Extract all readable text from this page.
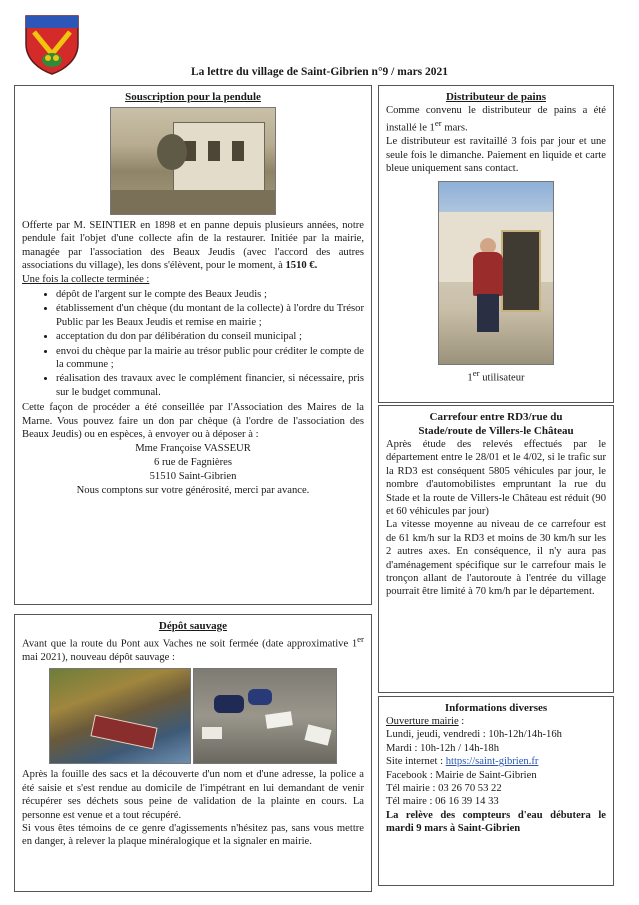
La lettre du village de Saint-Gibrien n°9 / mars 2021
Souscription pour la pendule

Offerte par M. SEINTIER en 1898 et en panne depuis plusieurs années, notre pendule fait l'objet d'une collecte afin de la restaurer. Initiée par la mairie, managée par l'association des Beaux Jeudis (avec l'accord des autres associations du village), les dons s'élèvent, pour le moment, à 1510 €.

Une fois la collecte terminée :

• dépôt de l'argent sur le compte des Beaux Jeudis ;
• établissement d'un chèque (du montant de la collecte) à l'ordre du Trésor Public par les Beaux Jeudis et remise en mairie ;
• acceptation du don par délibération du conseil municipal ;
• envoi du chèque par la mairie au trésor public pour créditer le compte de la commune ;
• réalisation des travaux avec le complément financier, si nécessaire, pris sur le budget communal.

Cette façon de procéder a été conseillée par l'Association des Maires de la Marne. Vous pouvez faire un don par chèque (à l'ordre de l'association des Beaux Jeudis) ou en espèces, à envoyer ou à déposer à :

Mme Françoise VASSEUR
6 rue de Fagnières
51510 Saint-Gibrien
Nous comptons sur votre générosité, merci par avance.
Distributeur de pains

Comme convenu le distributeur de pains a été installé le 1er mars.

Le distributeur est ravitaillé 3 fois par jour et une seule fois le dimanche. Paiement en liquide et carte bleue uniquement sans contact.

1er utilisateur
Carrefour entre RD3/rue du
Stade/route de Villers-le Château

Après étude des relevés effectués par le département entre le 28/01 et le 4/02, si le trafic sur la RD3 est conséquent 5805 véhicules par jour, le nombre d'automobilistes empruntant la rue du Stade et la route de Villers-le Château est réduit (90 et 60 véhicules par jour)

La vitesse moyenne au niveau de ce carrefour est de 61 km/h sur la RD3 et moins de 30 km/h sur les 2 autres axes. En conséquence, il n'y aura pas d'aménagement spécifique sur le carrefour mais le tronçon allant de l'autoroute à l'entrée du village pourrait être limité à 70 km/h par le département.

Dépôt sauvage

Avant que la route du Pont aux Vaches ne soit fermée (date approximative 1er mai 2021), nouveau dépôt sauvage :

Après la fouille des sacs et la découverte d'un nom et d'une adresse, la police a été saisie et s'est rendue au domicile de l'impétrant en lui demandant de venir récupérer ses déchets sous peine de validation de la plainte en cours. La personne est venue et a tout récupéré.

Si vous êtes témoins de ce genre d'agissements n'hésitez pas, sans vous mettre en danger, à relever la plaque minéralogique et la signaler en mairie.

Informations diverses

Ouverture mairie :

Lundi, jeudi, vendredi : 10h-12h/14h-16h

Mardi : 10h-12h / 14h-18h

Site internet : https://saint-gibrien.fr

Facebook : Mairie de Saint-Gibrien

Tél mairie : 03 26 70 53 22

Tél maire : 06 16 39 14 33

La relève des compteurs d'eau débutera le mardi 9 mars à Saint-Gibrien
